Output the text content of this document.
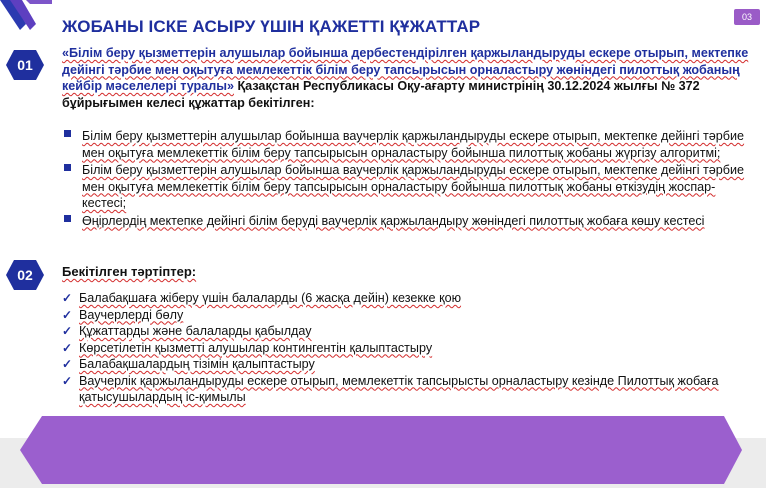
ЖОБАНЫ ІСКЕ АСЫРУ ҮШІН ҚАЖЕТТІ ҚҰЖАТТАР	03
01
«Білім беру қызметтерін алушылар бойынша дербестендірілген қаржыландыруды ескере отырып, мектепке дейінгі тәрбие мен оқытуға мемлекеттік білім беру тапсырысын орналастыру жөніндегі пилоттық жобаның кейбір мәселелері туралы» Қазақстан Республикасы Оқу-ағарту министрінің 30.12.2024 жылғы № 372 бұйрығымен келесі құжаттар бекітілген:
Білім беру қызметтерін алушылар бойынша ваучерлік қаржыландыруды ескере отырып, мектепке дейінгі тәрбие мен оқытуға мемлекеттік білім беру тапсырысын орналастыру бойынша пилоттық жобаны жүргізу алгоритмі;
Білім беру қызметтерін алушылар бойынша ваучерлік қаржыландыруды ескере отырып, мектепке дейінгі тәрбие мен оқытуға мемлекеттік білім беру тапсырысын орналастыру бойынша пилоттық жобаны өткізудің жоспар-кестесі;
Өңірлердің мектепке дейінгі білім беруді ваучерлік қаржыландыру жөніндегі пилоттық жобаға көшу кестесі
02	Бекітілген тәртіптер:
✓ Балабақшаға жіберу үшін балаларды (6 жасқа дейін) кезекке қою
✓ Ваучерлерді бөлу
✓ Құжаттарды және балаларды қабылдау
✓ Көрсетілетін қызметті алушылар контингентін қалыптастыру
✓ Балабақшалардың тізімін қалыптастыру
✓ Ваучерлік қаржыландыруды ескере отырып, мемлекеттік тапсырысты орналастыру кезінде Пилоттық жобаға қатысушылардың іс-қимылы
